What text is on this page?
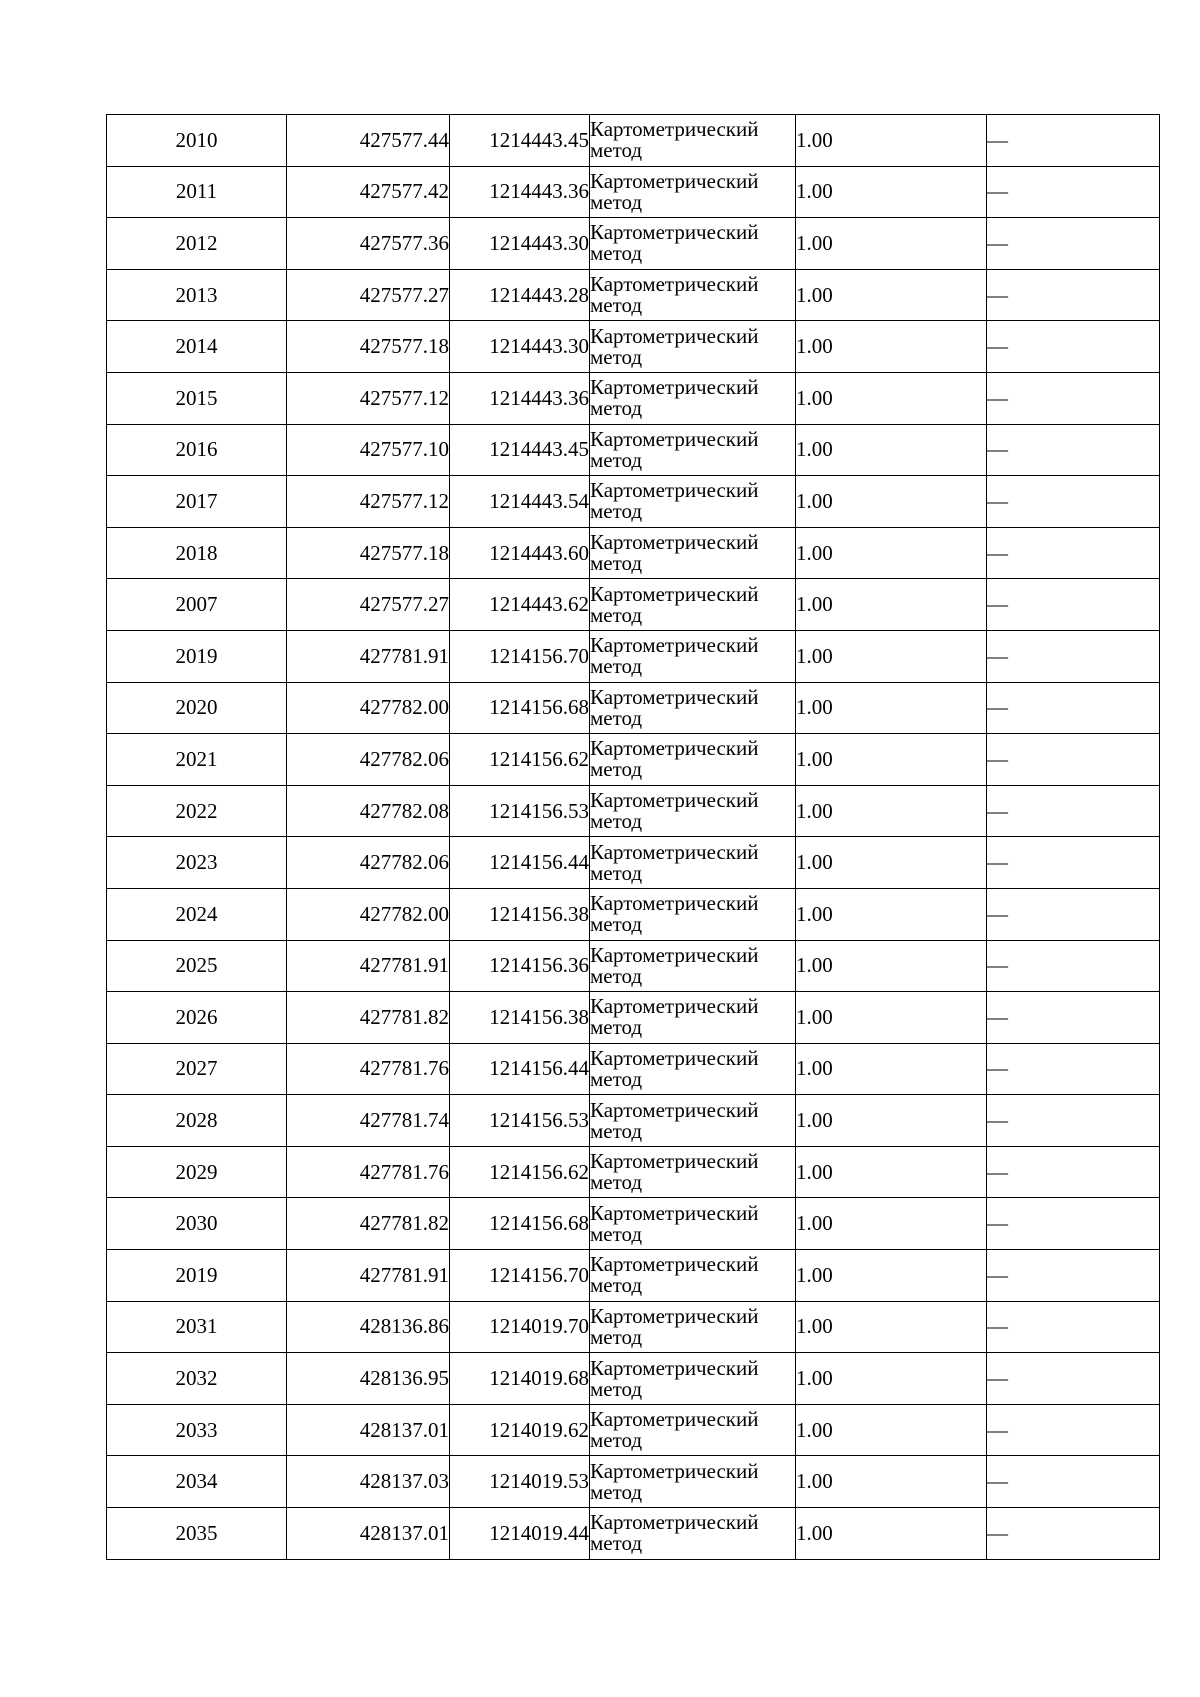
2010	427577.44	1214443.45	Картометрический
метод	1.00	—
2011	427577.42	1214443.36	Картометрический
метод	1.00	—
2012	427577.36	1214443.30	Картометрический
метод	1.00	—
2013	427577.27	1214443.28	Картометрический
метод	1.00	—
2014	427577.18	1214443.30	Картометрический
метод	1.00	—
2015	427577.12	1214443.36	Картометрический
метод	1.00	—
2016	427577.10	1214443.45	Картометрический
метод	1.00	—
2017	427577.12	1214443.54	Картометрический
метод	1.00	—
2018	427577.18	1214443.60	Картометрический
метод	1.00	—
2007	427577.27	1214443.62	Картометрический
метод	1.00	—
2019	427781.91	1214156.70	Картометрический
метод	1.00	—
2020	427782.00	1214156.68	Картометрический
метод	1.00	—
2021	427782.06	1214156.62	Картометрический
метод	1.00	—
2022	427782.08	1214156.53	Картометрический
метод	1.00	—
2023	427782.06	1214156.44	Картометрический
метод	1.00	—
2024	427782.00	1214156.38	Картометрический
метод	1.00	—
2025	427781.91	1214156.36	Картометрический
метод	1.00	—
2026	427781.82	1214156.38	Картометрический
метод	1.00	—
2027	427781.76	1214156.44	Картометрический
метод	1.00	—
2028	427781.74	1214156.53	Картометрический
метод	1.00	—
2029	427781.76	1214156.62	Картометрический
метод	1.00	—
2030	427781.82	1214156.68	Картометрический
метод	1.00	—
2019	427781.91	1214156.70	Картометрический
метод	1.00	—
2031	428136.86	1214019.70	Картометрический
метод	1.00	—
2032	428136.95	1214019.68	Картометрический
метод	1.00	—
2033	428137.01	1214019.62	Картометрический
метод	1.00	—
2034	428137.03	1214019.53	Картометрический
метод	1.00	—
2035	428137.01	1214019.44	Картометрический
метод	1.00	—
